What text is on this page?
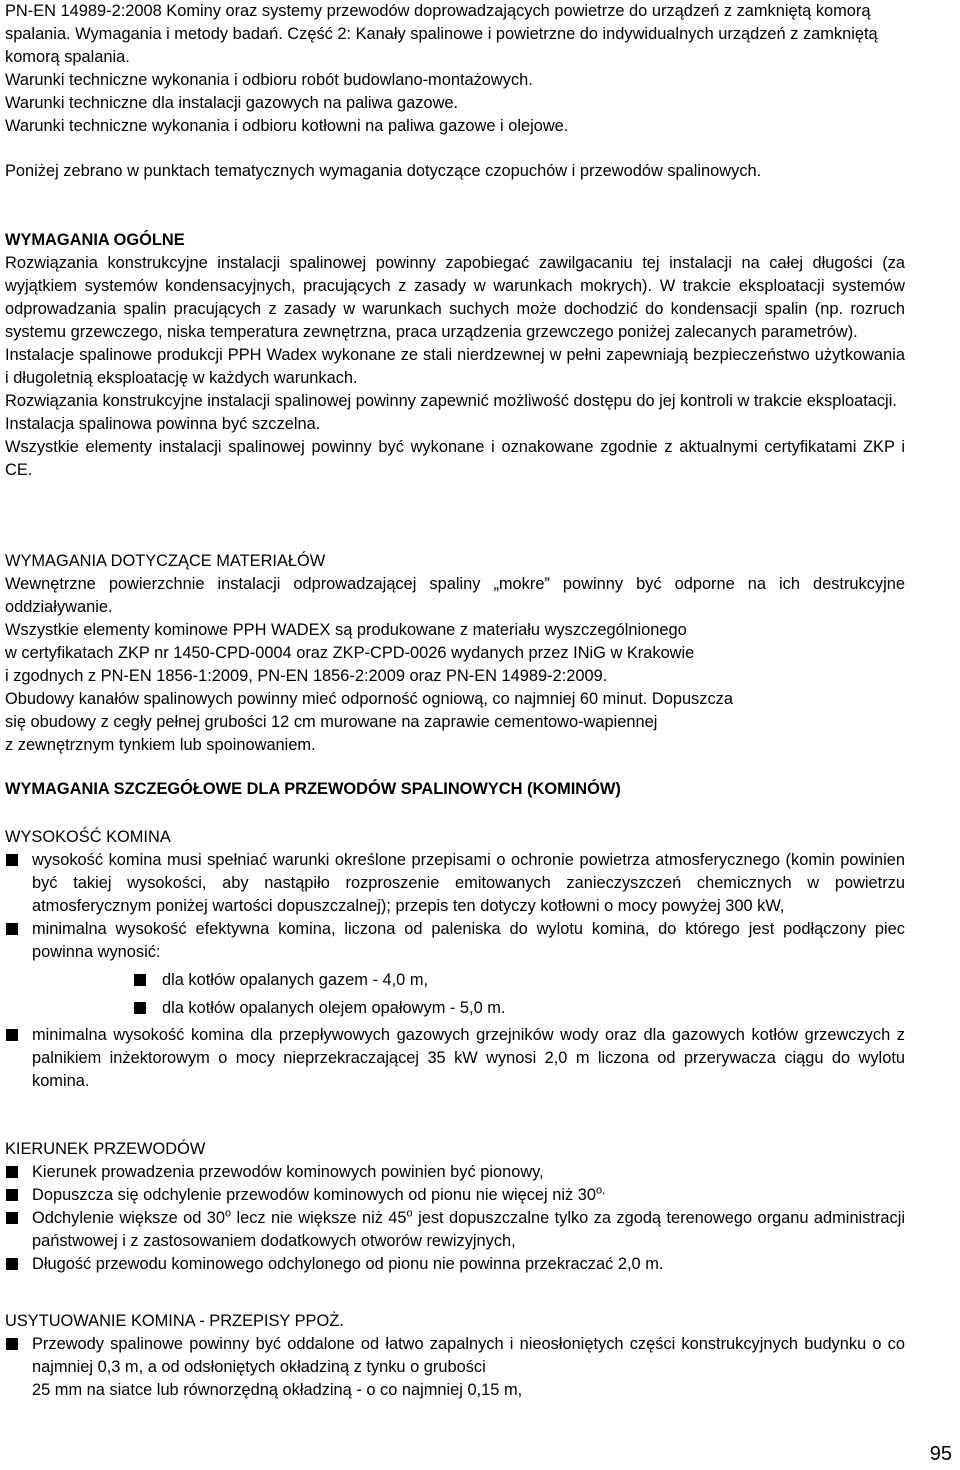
PN-EN 14989-2:2008 Kominy oraz systemy przewodów doprowadzających powietrze do urządzeń z zamkniętą komorą spalania. Wymagania i metody badań. Część 2: Kanały spalinowe i powietrzne do indywidualnych urządzeń z zamkniętą komorą spalania.

Warunki techniczne wykonania i odbioru robót budowlano-montażowych.

Warunki techniczne dla instalacji gazowych na paliwa gazowe.

Warunki techniczne wykonania i odbioru kotłowni na paliwa gazowe i olejowe.

Poniżej zebrano w punktach tematycznych wymagania dotyczące czopuchów i przewodów spalinowych.

WYMAGANIA OGÓLNE

Rozwiązania konstrukcyjne instalacji spalinowej powinny zapobiegać zawilgacaniu tej instalacji na całej długości (za wyjątkiem systemów kondensacyjnych, pracujących z zasady w warunkach mokrych). W trakcie eksploatacji systemów odprowadzania spalin pracujących z zasady w warunkach suchych może dochodzić do kondensacji spalin (np. rozruch systemu grzewczego, niska temperatura zewnętrzna, praca urządzenia grzewczego poniżej zalecanych parametrów).

Instalacje spalinowe produkcji PPH Wadex wykonane ze stali nierdzewnej w pełni zapewniają bezpieczeństwo użytkowania i długoletnią eksploatację w każdych warunkach.

Rozwiązania konstrukcyjne instalacji spalinowej powinny zapewnić możliwość dostępu do jej kontroli w trakcie eksploatacji.

Instalacja spalinowa powinna być szczelna.

Wszystkie elementy instalacji spalinowej powinny być wykonane i oznakowane zgodnie z aktualnymi certyfikatami ZKP i CE.

WYMAGANIA DOTYCZĄCE MATERIAŁÓW

Wewnętrzne powierzchnie instalacji odprowadzającej spaliny „mokre” powinny być odporne na ich destrukcyjne oddziaływanie.

Wszystkie elementy kominowe PPH WADEX są produkowane z materiału wyszczególnionego

w certyfikatach ZKP nr 1450-CPD-0004 oraz ZKP-CPD-0026 wydanych przez INiG w Krakowie

i zgodnych z PN-EN 1856-1:2009, PN-EN 1856-2:2009 oraz PN-EN 14989-2:2009.

Obudowy kanałów spalinowych powinny mieć odporność ogniową, co najmniej 60 minut. Dopuszcza

się obudowy z cegły pełnej grubości 12 cm murowane na zaprawie cementowo-wapiennej

z zewnętrznym tynkiem lub spoinowaniem.

WYMAGANIA SZCZEGÓŁOWE DLA PRZEWODÓW SPALINOWYCH (KOMINÓW)

WYSOKOŚĆ KOMINA

wysokość komina musi spełniać warunki określone przepisami o ochronie powietrza atmosferycznego (komin powinien być takiej wysokości, aby nastąpiło rozproszenie emitowanych zanieczyszczeń chemicznych w powietrzu atmosferycznym poniżej wartości dopuszczalnej); przepis ten dotyczy kotłowni o mocy powyżej 300 kW,
minimalna wysokość efektywna komina, liczona od paleniska do wylotu komina, do którego jest podłączony piec powinna wynosić:
dla kotłów opalanych gazem - 4,0 m,
dla kotłów opalanych olejem opałowym - 5,0 m.
minimalna wysokość komina dla przepływowych gazowych grzejników wody oraz dla gazowych kotłów grzewczych z palnikiem inżektorowym o mocy nieprzekraczającej 35 kW wynosi 2,0 m liczona od przerywacza ciągu do wylotu komina.

KIERUNEK PRZEWODÓW

Kierunek prowadzenia przewodów kominowych powinien być pionowy,
Dopuszcza się odchylenie przewodów kominowych od pionu nie więcej niż $30^{o,}$
Odchylenie większe od 30$^o$ lecz nie większe niż 45$^o$ jest dopuszczalne tylko za zgodą terenowego organu administracji państwowej i z zastosowaniem dodatkowych otworów rewizyjnych,
Długość przewodu kominowego odchylonego od pionu nie powinna przekraczać 2,0 m.

USYTUOWANIE KOMINA - PRZEPISY PPOŻ.

Przewody spalinowe powinny być oddalone od łatwo zapalnych i nieosłoniętych części konstrukcyjnych budynku o co najmniej 0,3 m, a od odsłoniętych okładziną z tynku o grubości
25 mm na siatce lub równorzędną okładziną - o co najmniej 0,15 m,
95
